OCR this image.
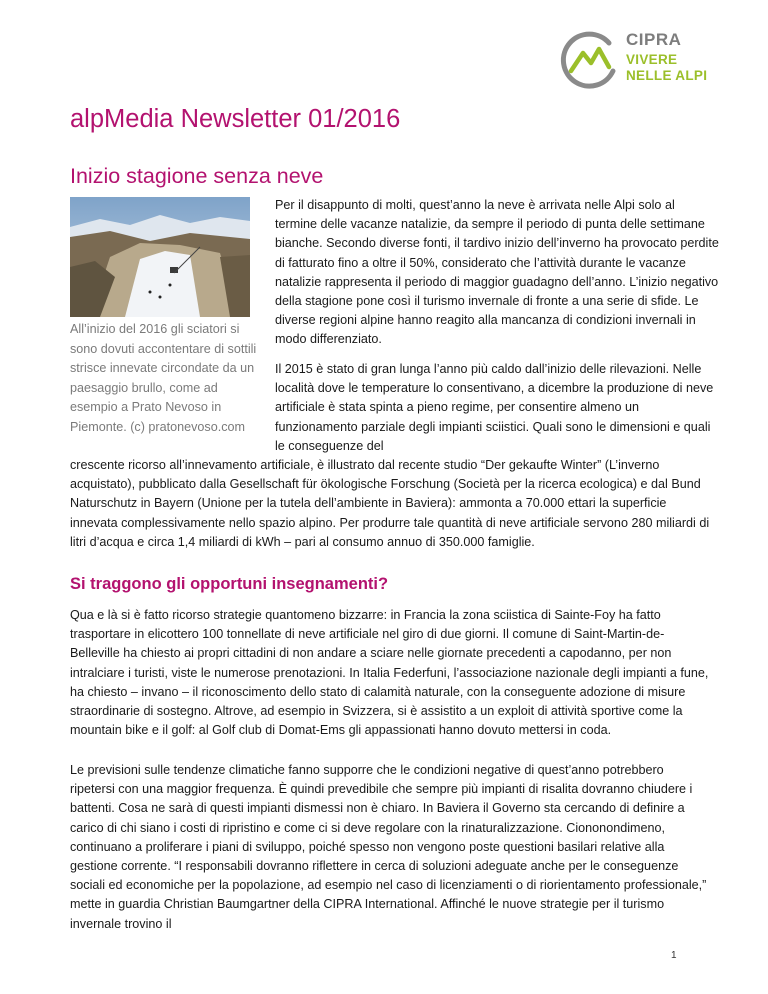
CIPRA
VIVERE
NELLE ALPI
alpMedia Newsletter 01/2016
Inizio stagione senza neve
All’inizio del 2016 gli sciatori si sono dovuti accontentare di sottili strisce innevate circondate da un paesaggio brullo, come ad esempio a Prato Nevoso in Piemonte. (c) pratonevoso.com

Per il disappunto di molti, quest’anno la neve è arrivata nelle Alpi solo al termine delle vacanze natalizie, da sempre il periodo di punta delle settimane bianche. Secondo diverse fonti, il tardivo inizio dell’inverno ha provocato perdite di fatturato fino a oltre il 50%, considerato che l’attività durante le vacanze natalizie rappresenta il periodo di maggior guadagno dell’anno. L’inizio negativo della stagione pone così il turismo invernale di fronte a una serie di sfide. Le diverse regioni alpine hanno reagito alla mancanza di condizioni invernali in modo differenziato.

Il 2015 è stato di gran lunga l’anno più caldo dall’inizio delle rilevazioni. Nelle località dove le temperature lo consentivano, a dicembre la produzione di neve artificiale è stata spinta a pieno regime, per consentire almeno un funzionamento parziale degli impianti sciistici. Quali sono le dimensioni e quali le conseguenze del

crescente ricorso all’innevamento artificiale, è illustrato dal recente studio “Der gekaufte Winter” (L’inverno acquistato), pubblicato dalla Gesellschaft für ökologische Forschung (Società per la ricerca ecologica) e dal Bund Naturschutz in Bayern (Unione per la tutela dell’ambiente in Baviera): ammonta a 70.000 ettari la superficie innevata complessivamente nello spazio alpino. Per produrre tale quantità di neve artificiale servono 280 miliardi di litri d’acqua e circa 1,4 miliardi di kWh – pari al consumo annuo di 350.000 famiglie.

Si traggono gli opportuni insegnamenti?

Qua e là si è fatto ricorso strategie quantomeno bizzarre: in Francia la zona sciistica di Sainte-Foy ha fatto trasportare in elicottero 100 tonnellate di neve artificiale nel giro di due giorni. Il comune di Saint-Martin-de-Belleville ha chiesto ai propri cittadini di non andare a sciare nelle giornate precedenti a capodanno, per non intralciare i turisti, viste le numerose prenotazioni. In Italia Federfuni, l’associazione nazionale degli impianti a fune, ha chiesto – invano – il riconoscimento dello stato di calamità naturale, con la conseguente adozione di misure straordinarie di sostegno. Altrove, ad esempio in Svizzera, si è assistito a un exploit di attività sportive come la mountain bike e il golf: al Golf club di Domat-Ems gli appassionati hanno dovuto mettersi in coda.

Le previsioni sulle tendenze climatiche fanno supporre che le condizioni negative di quest’anno potrebbero ripetersi con una maggior frequenza. È quindi prevedibile che sempre più impianti di risalita dovranno chiudere i battenti. Cosa ne sarà di questi impianti dismessi non è chiaro. In Baviera il Governo sta cercando di definire a carico di chi siano i costi di ripristino e come ci si deve regolare con la rinaturalizzazione. Ciononondimeno, continuano a proliferare i piani di sviluppo, poiché spesso non vengono poste questioni basilari relative alla gestione corrente. “I responsabili dovranno riflettere in cerca di soluzioni adeguate anche per le conseguenze sociali ed economiche per la popolazione, ad esempio nel caso di licenziamenti o di riorientamento professionale,” mette in guardia Christian Baumgartner della CIPRA International. Affinché le nuove strategie per il turismo invernale trovino il

1
